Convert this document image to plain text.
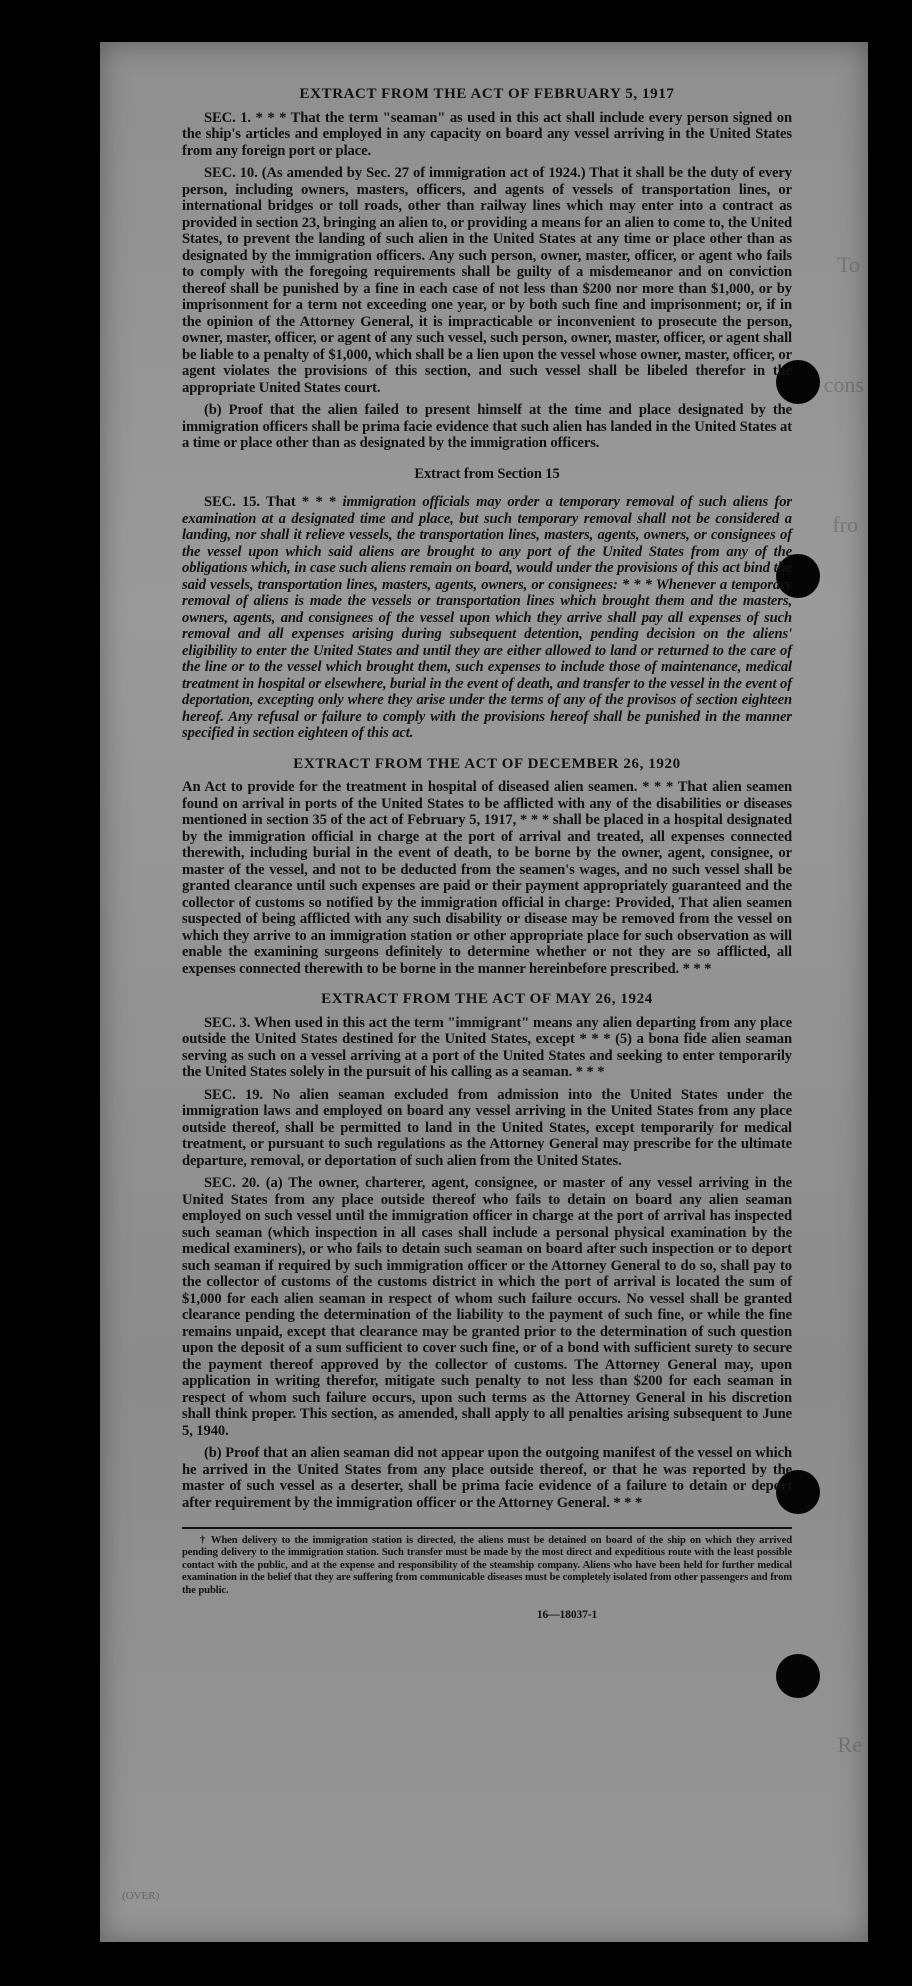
To
cons
fro
Re
EXTRACT FROM THE ACT OF FEBRUARY 5, 1917

SEC. 1. * * * That the term "seaman" as used in this act shall include every person signed on the ship's articles and employed in any capacity on board any vessel arriving in the United States from any foreign port or place.

SEC. 10. (As amended by Sec. 27 of immigration act of 1924.) That it shall be the duty of every person, including owners, masters, officers, and agents of vessels of transportation lines, or international bridges or toll roads, other than railway lines which may enter into a contract as provided in section 23, bringing an alien to, or providing a means for an alien to come to, the United States, to prevent the landing of such alien in the United States at any time or place other than as designated by the immigration officers. Any such person, owner, master, officer, or agent who fails to comply with the foregoing requirements shall be guilty of a misdemeanor and on conviction thereof shall be punished by a fine in each case of not less than $200 nor more than $1,000, or by imprisonment for a term not exceeding one year, or by both such fine and imprisonment; or, if in the opinion of the Attorney General, it is impracticable or inconvenient to prosecute the person, owner, master, officer, or agent of any such vessel, such person, owner, master, officer, or agent shall be liable to a penalty of $1,000, which shall be a lien upon the vessel whose owner, master, officer, or agent violates the provisions of this section, and such vessel shall be libeled therefor in the appropriate United States court.

(b) Proof that the alien failed to present himself at the time and place designated by the immigration officers shall be prima facie evidence that such alien has landed in the United States at a time or place other than as designated by the immigration officers.

Extract from Section 15

SEC. 15. That * * * immigration officials may order a temporary removal of such aliens for examination at a designated time and place, but such temporary removal shall not be considered a landing, nor shall it relieve vessels, the transportation lines, masters, agents, owners, or consignees of the vessel upon which said aliens are brought to any port of the United States from any of the obligations which, in case such aliens remain on board, would under the provisions of this act bind the said vessels, transportation lines, masters, agents, owners, or consignees: * * * Whenever a temporary removal of aliens is made the vessels or transportation lines which brought them and the masters, owners, agents, and consignees of the vessel upon which they arrive shall pay all expenses of such removal and all expenses arising during subsequent detention, pending decision on the aliens' eligibility to enter the United States and until they are either allowed to land or returned to the care of the line or to the vessel which brought them, such expenses to include those of maintenance, medical treatment in hospital or elsewhere, burial in the event of death, and transfer to the vessel in the event of deportation, excepting only where they arise under the terms of any of the provisos of section eighteen hereof. Any refusal or failure to comply with the provisions hereof shall be punished in the manner specified in section eighteen of this act.

EXTRACT FROM THE ACT OF DECEMBER 26, 1920

An Act to provide for the treatment in hospital of diseased alien seamen. * * * That alien seamen found on arrival in ports of the United States to be afflicted with any of the disabilities or diseases mentioned in section 35 of the act of February 5, 1917, * * * shall be placed in a hospital designated by the immigration official in charge at the port of arrival and treated, all expenses connected therewith, including burial in the event of death, to be borne by the owner, agent, consignee, or master of the vessel, and not to be deducted from the seamen's wages, and no such vessel shall be granted clearance until such expenses are paid or their payment appropriately guaranteed and the collector of customs so notified by the immigration official in charge: Provided, That alien seamen suspected of being afflicted with any such disability or disease may be removed from the vessel on which they arrive to an immigration station or other appropriate place for such observation as will enable the examining surgeons definitely to determine whether or not they are so afflicted, all expenses connected therewith to be borne in the manner hereinbefore prescribed. * * *

EXTRACT FROM THE ACT OF MAY 26, 1924

SEC. 3. When used in this act the term "immigrant" means any alien departing from any place outside the United States destined for the United States, except * * * (5) a bona fide alien seaman serving as such on a vessel arriving at a port of the United States and seeking to enter temporarily the United States solely in the pursuit of his calling as a seaman. * * *

SEC. 19. No alien seaman excluded from admission into the United States under the immigration laws and employed on board any vessel arriving in the United States from any place outside thereof, shall be permitted to land in the United States, except temporarily for medical treatment, or pursuant to such regulations as the Attorney General may prescribe for the ultimate departure, removal, or deportation of such alien from the United States.

SEC. 20. (a) The owner, charterer, agent, consignee, or master of any vessel arriving in the United States from any place outside thereof who fails to detain on board any alien seaman employed on such vessel until the immigration officer in charge at the port of arrival has inspected such seaman (which inspection in all cases shall include a personal physical examination by the medical examiners), or who fails to detain such seaman on board after such inspection or to deport such seaman if required by such immigration officer or the Attorney General to do so, shall pay to the collector of customs of the customs district in which the port of arrival is located the sum of $1,000 for each alien seaman in respect of whom such failure occurs. No vessel shall be granted clearance pending the determination of the liability to the payment of such fine, or while the fine remains unpaid, except that clearance may be granted prior to the determination of such question upon the deposit of a sum sufficient to cover such fine, or of a bond with sufficient surety to secure the payment thereof approved by the collector of customs. The Attorney General may, upon application in writing therefor, mitigate such penalty to not less than $200 for each seaman in respect of whom such failure occurs, upon such terms as the Attorney General in his discretion shall think proper. This section, as amended, shall apply to all penalties arising subsequent to June 5, 1940.

(b) Proof that an alien seaman did not appear upon the outgoing manifest of the vessel on which he arrived in the United States from any place outside thereof, or that he was reported by the master of such vessel as a deserter, shall be prima facie evidence of a failure to detain or deport after requirement by the immigration officer or the Attorney General. * * *

† When delivery to the immigration station is directed, the aliens must be detained on board of the ship on which they arrived pending delivery to the immigration station. Such transfer must be made by the most direct and expeditious route with the least possible contact with the public, and at the expense and responsibility of the steamship company. Aliens who have been held for further medical examination in the belief that they are suffering from communicable diseases must be completely isolated from other passengers and from the public.

16—18037-1
(OVER)
